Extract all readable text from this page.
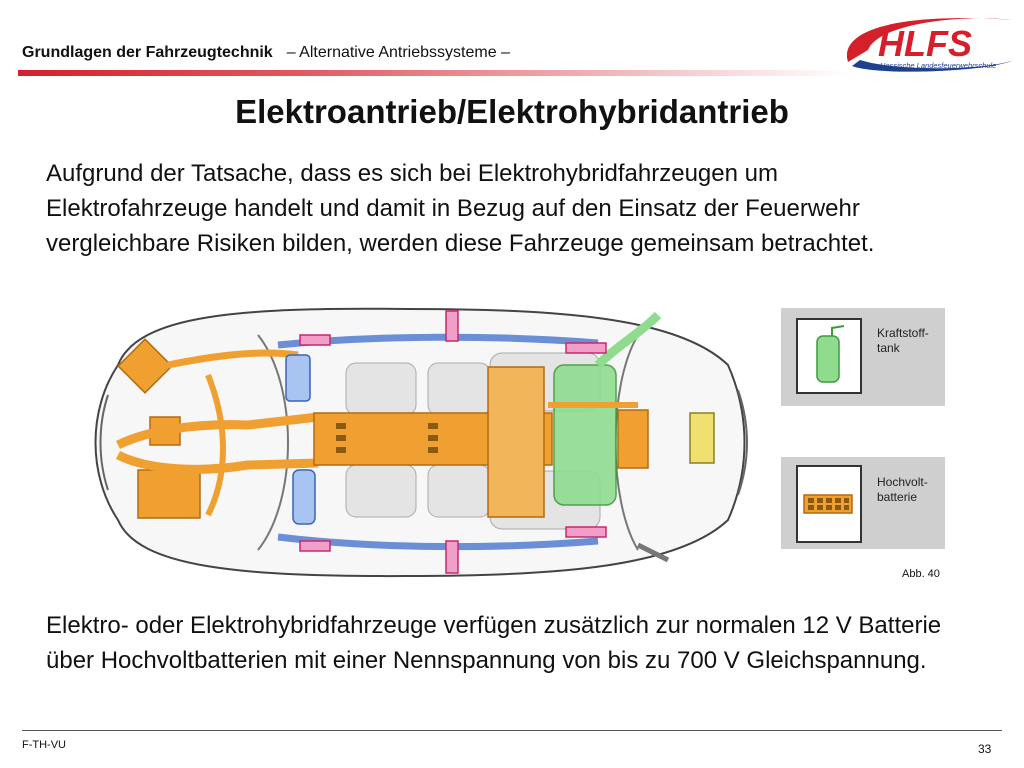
Grundlagen der Fahrzeugtechnik – Alternative Antriebssysteme –	HLFS
Hessische Landesfeuerwehrschule
Elektroantrieb/Elektrohybridantrieb

Aufgrund der Tatsache, dass es sich bei Elektrohybridfahrzeugen um Elektrofahrzeuge handelt und damit in Bezug auf den Einsatz der Feuerwehr vergleichbare Risiken bilden, werden diese Fahrzeuge gemeinsam betrachtet.

Kraftstoff-
tank
Hochvolt-
batterie
Abb. 40

Elektro- oder Elektrohybridfahrzeuge verfügen zusätzlich zur normalen 12 V Batterie über Hochvoltbatterien mit einer Nennspannung von bis zu 700 V Gleichspannung.

F-TH-VU	33
